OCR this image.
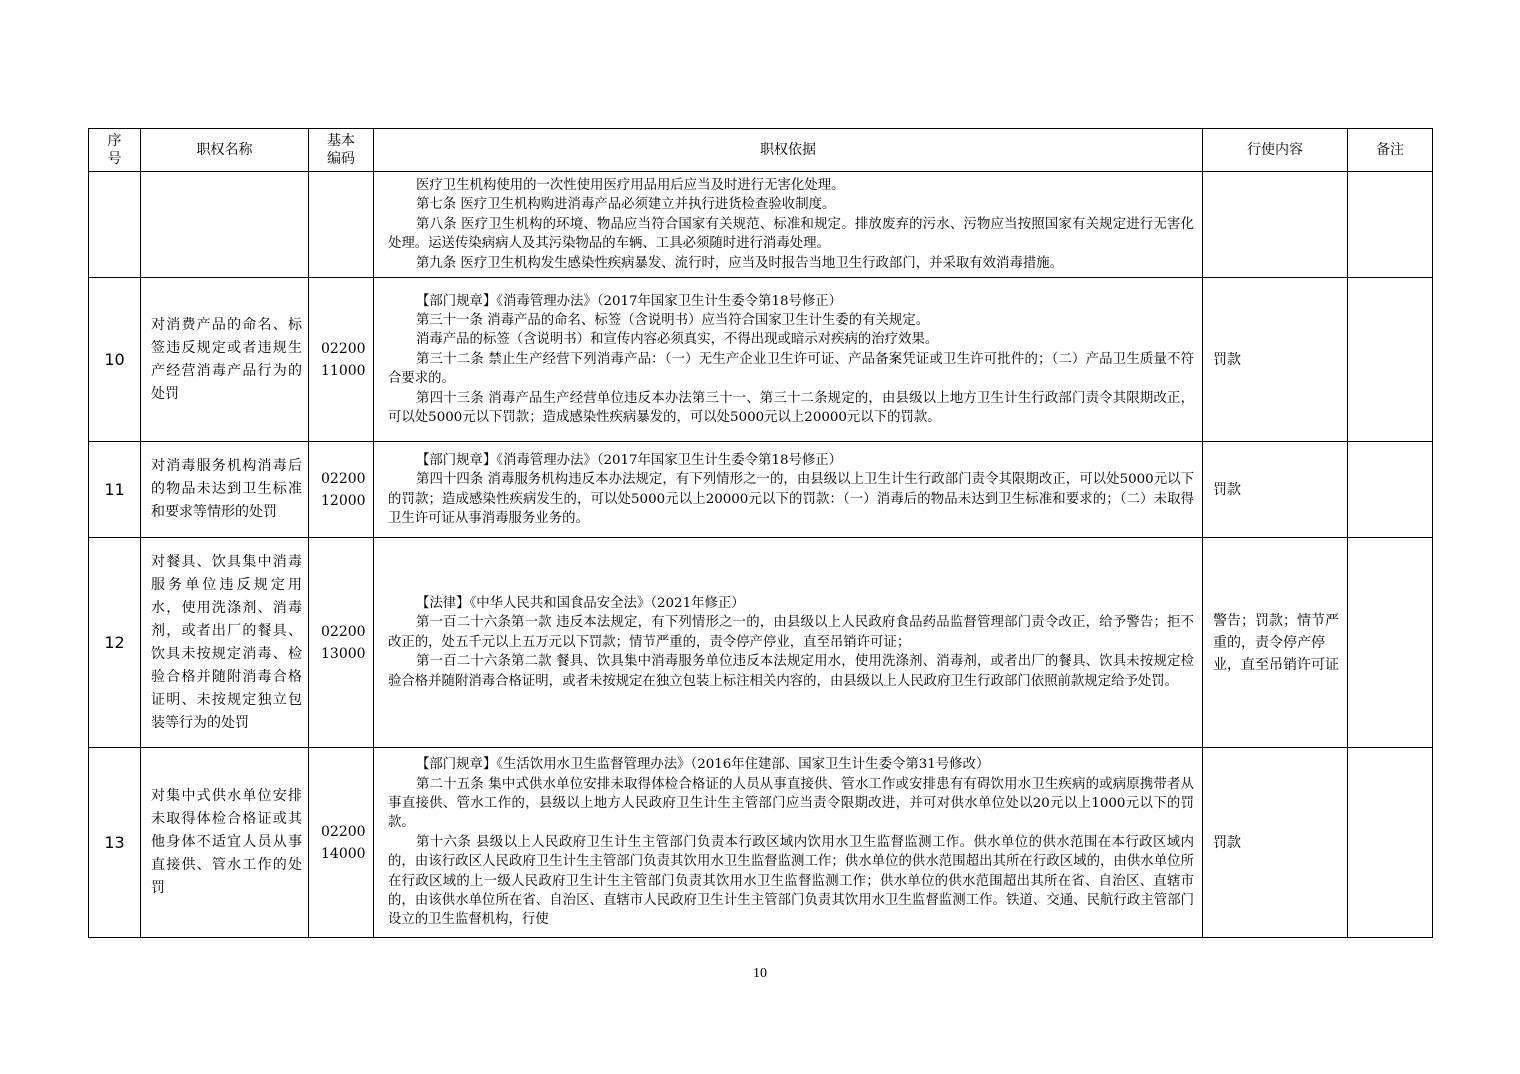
序号	职权名称	基本编码	职权依据	行使内容	备注

			医疗卫生机构使用的一次性使用医疗用品用后应当及时进行无害化处理。

第七条 医疗卫生机构购进消毒产品必须建立并执行进货检查验收制度。

第八条 医疗卫生机构的环境、物品应当符合国家有关规范、标准和规定。排放废弃的污水、污物应当按照国家有关规定进行无害化处理。运送传染病病人及其污染物品的车辆、工具必须随时进行消毒处理。

第九条 医疗卫生机构发生感染性疾病暴发、流行时，应当及时报告当地卫生行政部门，并采取有效消毒措施。		

10	对消费产品的命名、标签违反规定或者违规生产经营消毒产品行为的处罚	02200 11000	【部门规章】《消毒管理办法》（2017年国家卫生计生委令第18号修正）

第三十一条 消毒产品的命名、标签（含说明书）应当符合国家卫生计生委的有关规定。

消毒产品的标签（含说明书）和宣传内容必须真实，不得出现或暗示对疾病的治疗效果。

第三十二条 禁止生产经营下列消毒产品：（一）无生产企业卫生许可证、产品备案凭证或卫生许可批件的；（二）产品卫生质量不符合要求的。

第四十三条 消毒产品生产经营单位违反本办法第三十一、第三十二条规定的，由县级以上地方卫生计生行政部门责令其限期改正，可以处5000元以下罚款；造成感染性疾病暴发的，可以处5000元以上20000元以下的罚款。	罚款	
11	对消毒服务机构消毒后的物品未达到卫生标准和要求等情形的处罚	02200 12000	【部门规章】《消毒管理办法》（2017年国家卫生计生委令第18号修正）

第四十四条 消毒服务机构违反本办法规定，有下列情形之一的，由县级以上卫生计生行政部门责令其限期改正，可以处5000元以下的罚款；造成感染性疾病发生的，可以处5000元以上20000元以下的罚款：（一）消毒后的物品未达到卫生标准和要求的；（二）未取得卫生许可证从事消毒服务业务的。	罚款	
12	对餐具、饮具集中消毒服务单位违反规定用水，使用洗涤剂、消毒剂，或者出厂的餐具、饮具未按规定消毒、检验合格并随附消毒合格证明、未按规定独立包装等行为的处罚	02200 13000	【法律】《中华人民共和国食品安全法》（2021年修正）

第一百二十六条第一款 违反本法规定，有下列情形之一的，由县级以上人民政府食品药品监督管理部门责令改正，给予警告；拒不改正的，处五千元以上五万元以下罚款；情节严重的，责令停产停业，直至吊销许可证；

第一百二十六条第二款 餐具、饮具集中消毒服务单位违反本法规定用水，使用洗涤剂、消毒剂，或者出厂的餐具、饮具未按规定检验合格并随附消毒合格证明，或者未按规定在独立包装上标注相关内容的，由县级以上人民政府卫生行政部门依照前款规定给予处罚。	警告；罚款；情节严重的，责令停产停业，直至吊销许可证	
13	对集中式供水单位安排未取得体检合格证或其他身体不适宜人员从事直接供、管水工作的处罚	02200 14000	【部门规章】《生活饮用水卫生监督管理办法》（2016年住建部、国家卫生计生委令第31号修改）

第二十五条 集中式供水单位安排未取得体检合格证的人员从事直接供、管水工作或安排患有有碍饮用水卫生疾病的或病原携带者从事直接供、管水工作的，县级以上地方人民政府卫生计生主管部门应当责令限期改进，并可对供水单位处以20元以上1000元以下的罚款。

第十六条 县级以上人民政府卫生计生主管部门负责本行政区域内饮用水卫生监督监测工作。供水单位的供水范围在本行政区域内的，由该行政区人民政府卫生计生主管部门负责其饮用水卫生监督监测工作；供水单位的供水范围超出其所在行政区域的，由供水单位所在行政区域的上一级人民政府卫生计生主管部门负责其饮用水卫生监督监测工作；供水单位的供水范围超出其所在省、自治区、直辖市的，由该供水单位所在省、自治区、直辖市人民政府卫生计生主管部门负责其饮用水卫生监督监测工作。铁道、交通、民航行政主管部门设立的卫生监督机构，行使	罚款	
10
